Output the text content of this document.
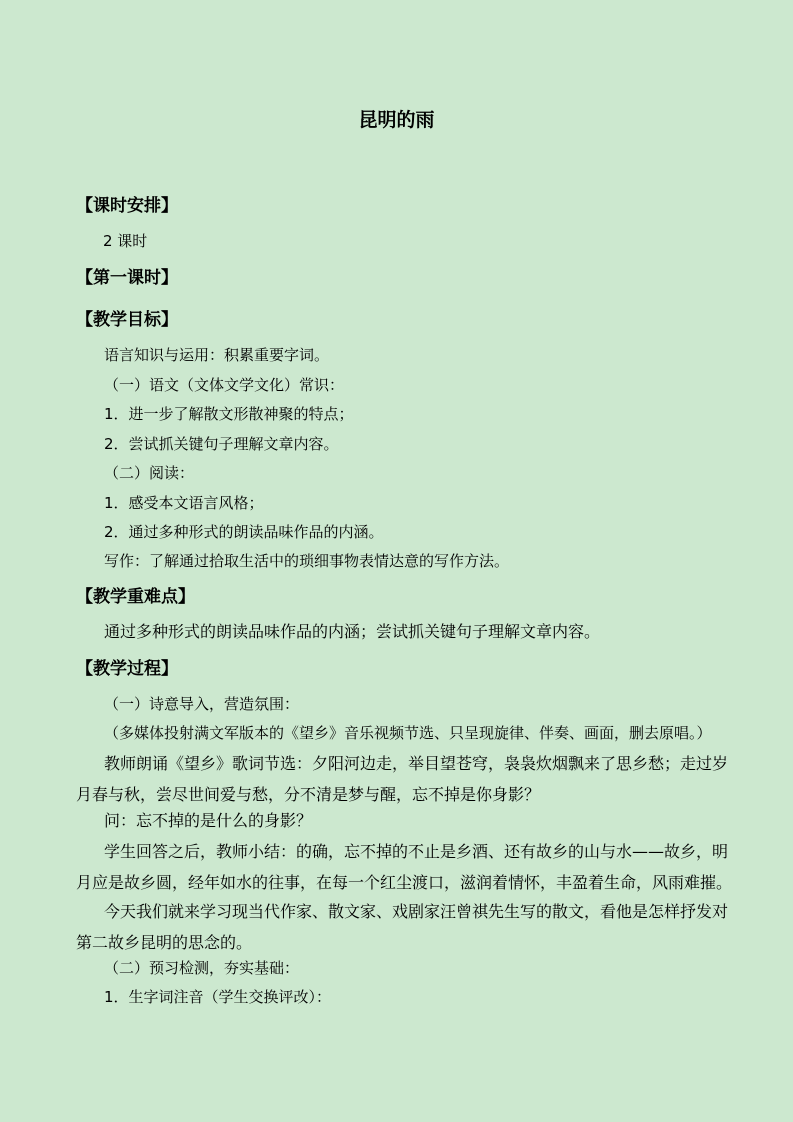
昆明的雨
【课时安排】
2 课时
【第一课时】
【教学目标】
语言知识与运用：积累重要字词。
（一）语文（文体文学文化）常识：
1．进一步了解散文形散神聚的特点；
2．尝试抓关键句子理解文章内容。
（二）阅读：
1．感受本文语言风格；
2．通过多种形式的朗读品味作品的内涵。
写作：了解通过拾取生活中的琐细事物表情达意的写作方法。
【教学重难点】
通过多种形式的朗读品味作品的内涵；尝试抓关键句子理解文章内容。
【教学过程】
（一）诗意导入，营造氛围：
（多媒体投射满文军版本的《望乡》音乐视频节选、只呈现旋律、伴奏、画面，删去原唱。）
教师朗诵《望乡》歌词节选：夕阳河边走，举目望苍穹，袅袅炊烟飘来了思乡愁；走过岁
月春与秋，尝尽世间爱与愁，分不清是梦与醒，忘不掉是你身影？
问：忘不掉的是什么的身影？
学生回答之后，教师小结：的确，忘不掉的不止是乡酒、还有故乡的山与水——故乡，明
月应是故乡圆，经年如水的往事，在每一个红尘渡口，滋润着情怀，丰盈着生命，风雨难摧。
今天我们就来学习现当代作家、散文家、戏剧家汪曾祺先生写的散文，看他是怎样抒发对
第二故乡昆明的思念的。
（二）预习检测，夯实基础：
1．生字词注音（学生交换评改）：
